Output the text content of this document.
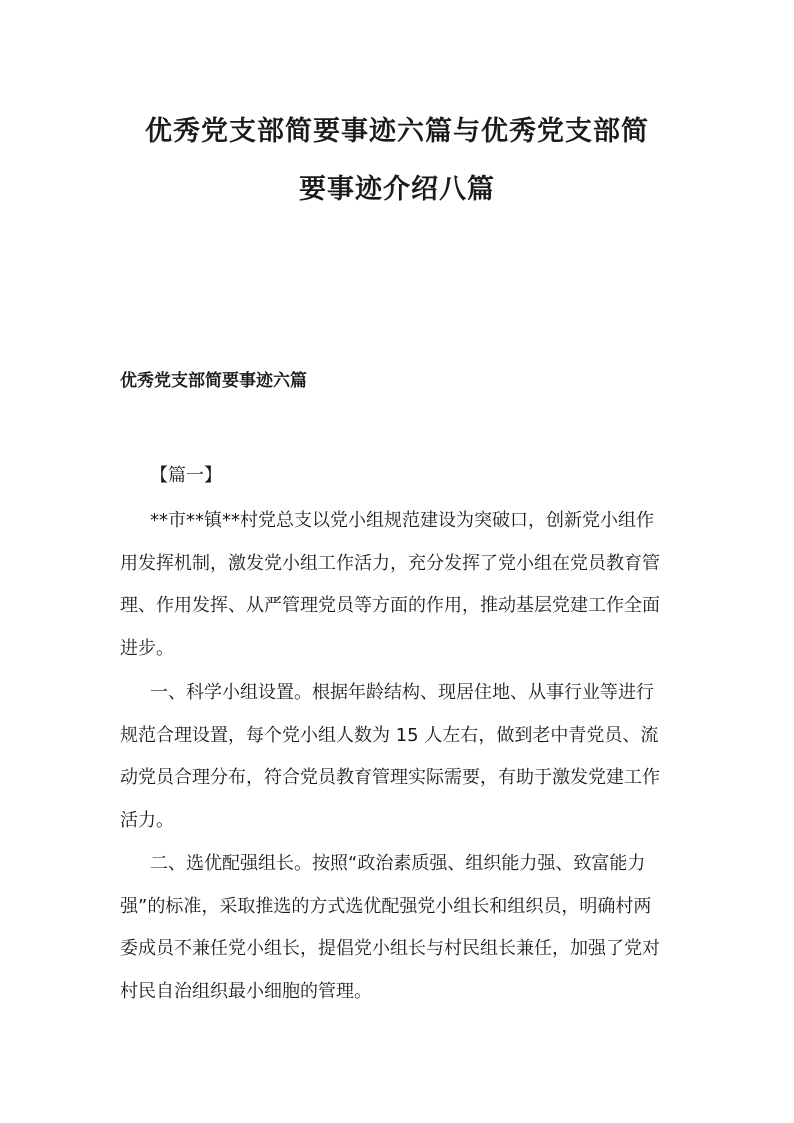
优秀党支部简要事迹六篇与优秀党支部简
要事迹介绍八篇
优秀党支部简要事迹六篇

【篇一】

**市**镇**村党总支以党小组规范建设为突破口，创新党小组作
用发挥机制，激发党小组工作活力，充分发挥了党小组在党员教育管
理、作用发挥、从严管理党员等方面的作用，推动基层党建工作全面
进步。
一、科学小组设置。根据年龄结构、现居住地、从事行业等进行
规范合理设置，每个党小组人数为 15 人左右，做到老中青党员、流
动党员合理分布，符合党员教育管理实际需要，有助于激发党建工作
活力。
二、选优配强组长。按照“政治素质强、组织能力强、致富能力
强”的标准，采取推选的方式选优配强党小组长和组织员，明确村两
委成员不兼任党小组长，提倡党小组长与村民组长兼任，加强了党对
村民自治组织最小细胞的管理。
